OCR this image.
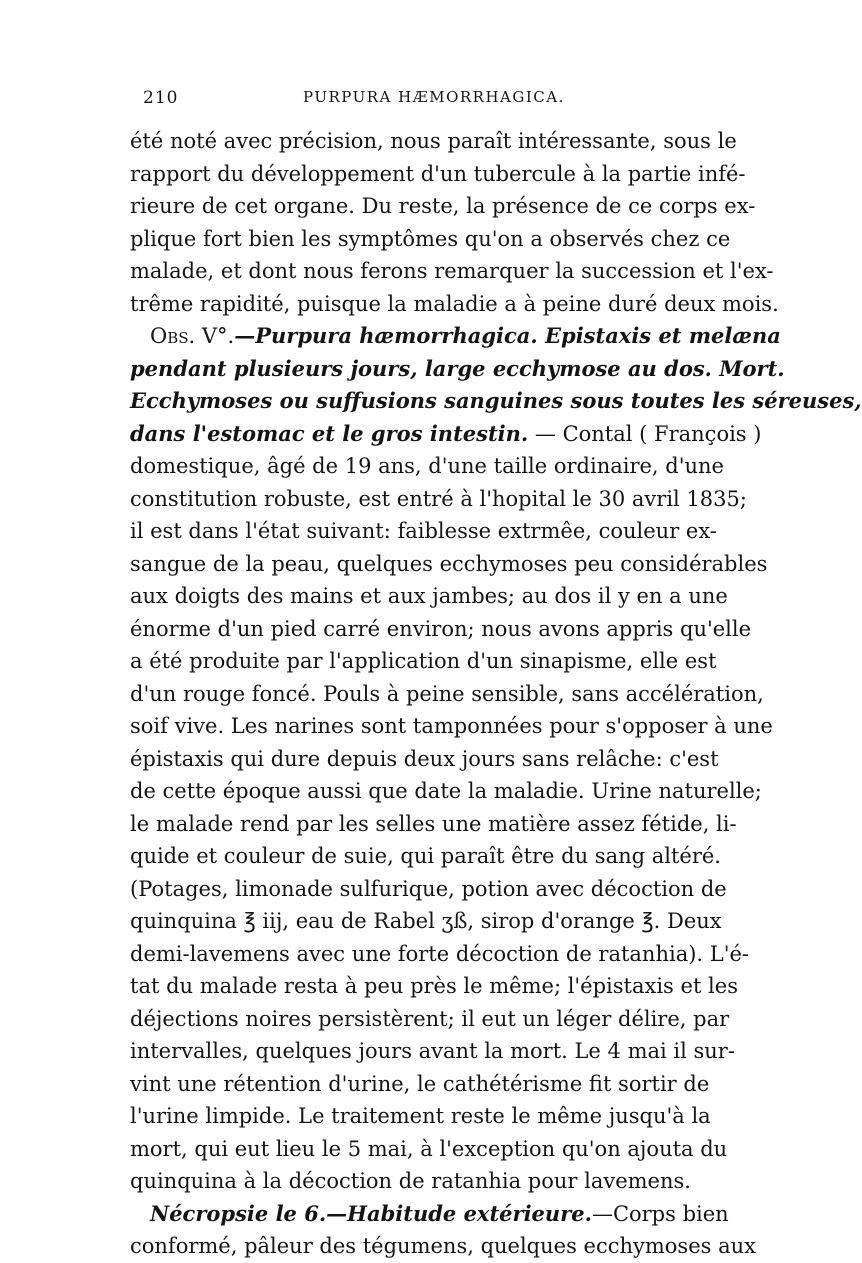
210	PURPURA HÆMORRHAGICA.
été noté avec précision, nous paraît intéressante, sous le
rapport du développement d'un tubercule à la partie infé-
rieure de cet organe. Du reste, la présence de ce corps ex-
plique fort bien les symptômes qu'on a observés chez ce
malade, et dont nous ferons remarquer la succession et l'ex-
trême rapidité, puisque la maladie a à peine duré deux mois.
Obs. V°.—Purpura hæmorrhagica. Epistaxis et melæna
pendant plusieurs jours, large ecchymose au dos. Mort.
Ecchymoses ou suffusions sanguines sous toutes les séreuses,
dans l'estomac et le gros intestin. — Contal ( François )
domestique, âgé de 19 ans, d'une taille ordinaire, d'une
constitution robuste, est entré à l'hopital le 30 avril 1835;
il est dans l'état suivant: faiblesse extrmêe, couleur ex-
sangue de la peau, quelques ecchymoses peu considérables
aux doigts des mains et aux jambes; au dos il y en a une
énorme d'un pied carré environ; nous avons appris qu'elle
a été produite par l'application d'un sinapisme, elle est
d'un rouge foncé. Pouls à peine sensible, sans accélération,
soif vive. Les narines sont tamponnées pour s'opposer à une
épistaxis qui dure depuis deux jours sans relâche: c'est
de cette époque aussi que date la maladie. Urine naturelle;
le malade rend par les selles une matière assez fétide, li-
quide et couleur de suie, qui paraît être du sang altéré.
(Potages, limonade sulfurique, potion avec décoction de
quinquina ℥ iij, eau de Rabel ʒß, sirop d'orange ℥. Deux
demi-lavemens avec une forte décoction de ratanhia). L'é-
tat du malade resta à peu près le même; l'épistaxis et les
déjections noires persistèrent; il eut un léger délire, par
intervalles, quelques jours avant la mort. Le 4 mai il sur-
vint une rétention d'urine, le cathétérisme fit sortir de
l'urine limpide. Le traitement reste le même jusqu'à la
mort, qui eut lieu le 5 mai, à l'exception qu'on ajouta du
quinquina à la décoction de ratanhia pour lavemens.
Nécropsie le 6.—Habitude extérieure.—Corps bien
conformé, pâleur des tégumens, quelques ecchymoses aux
